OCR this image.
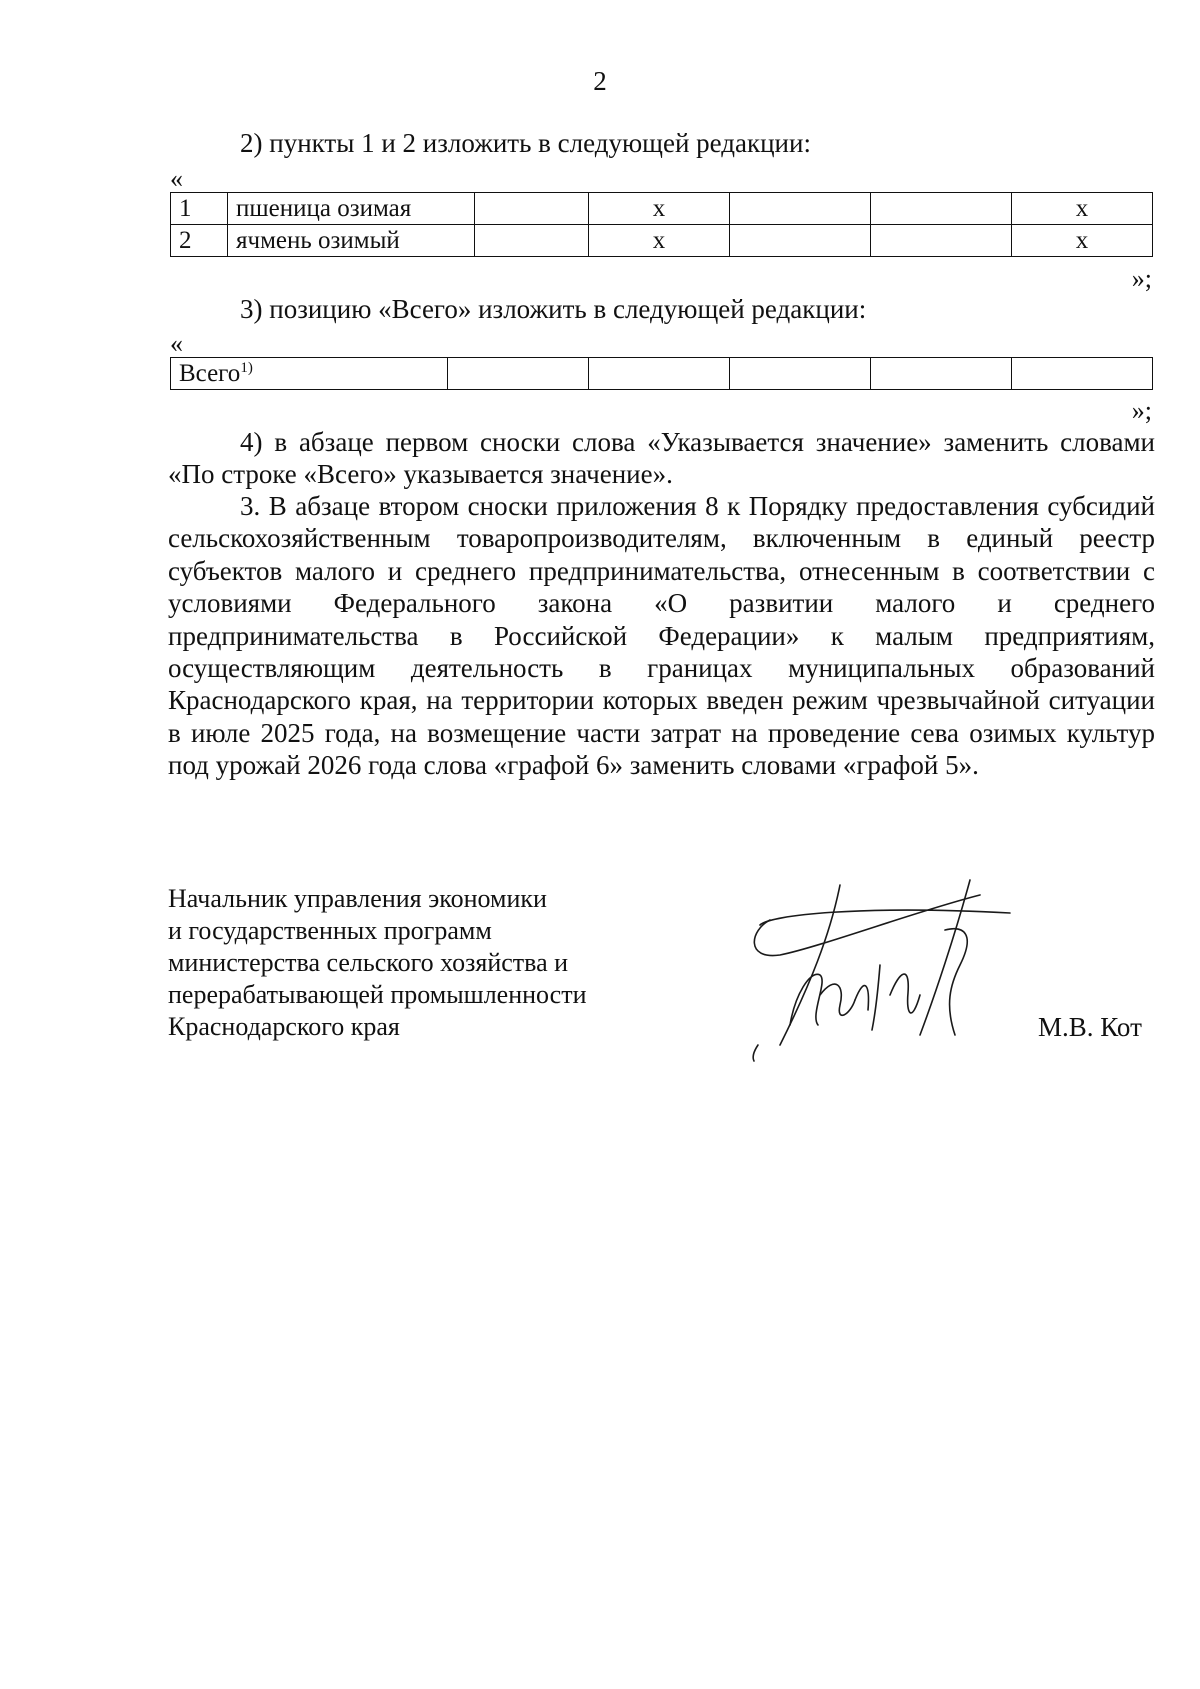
2
2) пункты 1 и 2 изложить в следующей редакции:
«
1	пшеница озимая		х			х
2	ячмень озимый		х			х
»;
3) позицию «Всего» изложить в следующей редакции:
«
Всего$^{1)}$					
»;
4) в абзаце первом сноски слова «Указывается значение» заменить словами «По строке «Всего» указывается значение».
3. В абзаце втором сноски приложения 8 к Порядку предоставления субсидий сельскохозяйственным товаропроизводителям, включенным в единый реестр субъектов малого и среднего предпринимательства, отнесенным в соответствии с условиями Федерального закона «О развитии малого и среднего предпринимательства в Российской Федерации» к малым предприятиям, осуществляющим деятельность в границах муниципальных образований Краснодарского края, на территории которых введен режим чрезвычайной ситуации в июле 2025 года, на возмещение части затрат на проведение сева озимых культур под урожай 2026 года слова «графой 6» заменить словами «графой 5».
Начальник управления экономики
и государственных программ
министерства сельского хозяйства и
перерабатывающей промышленности
Краснодарского края	М.В. Кот
